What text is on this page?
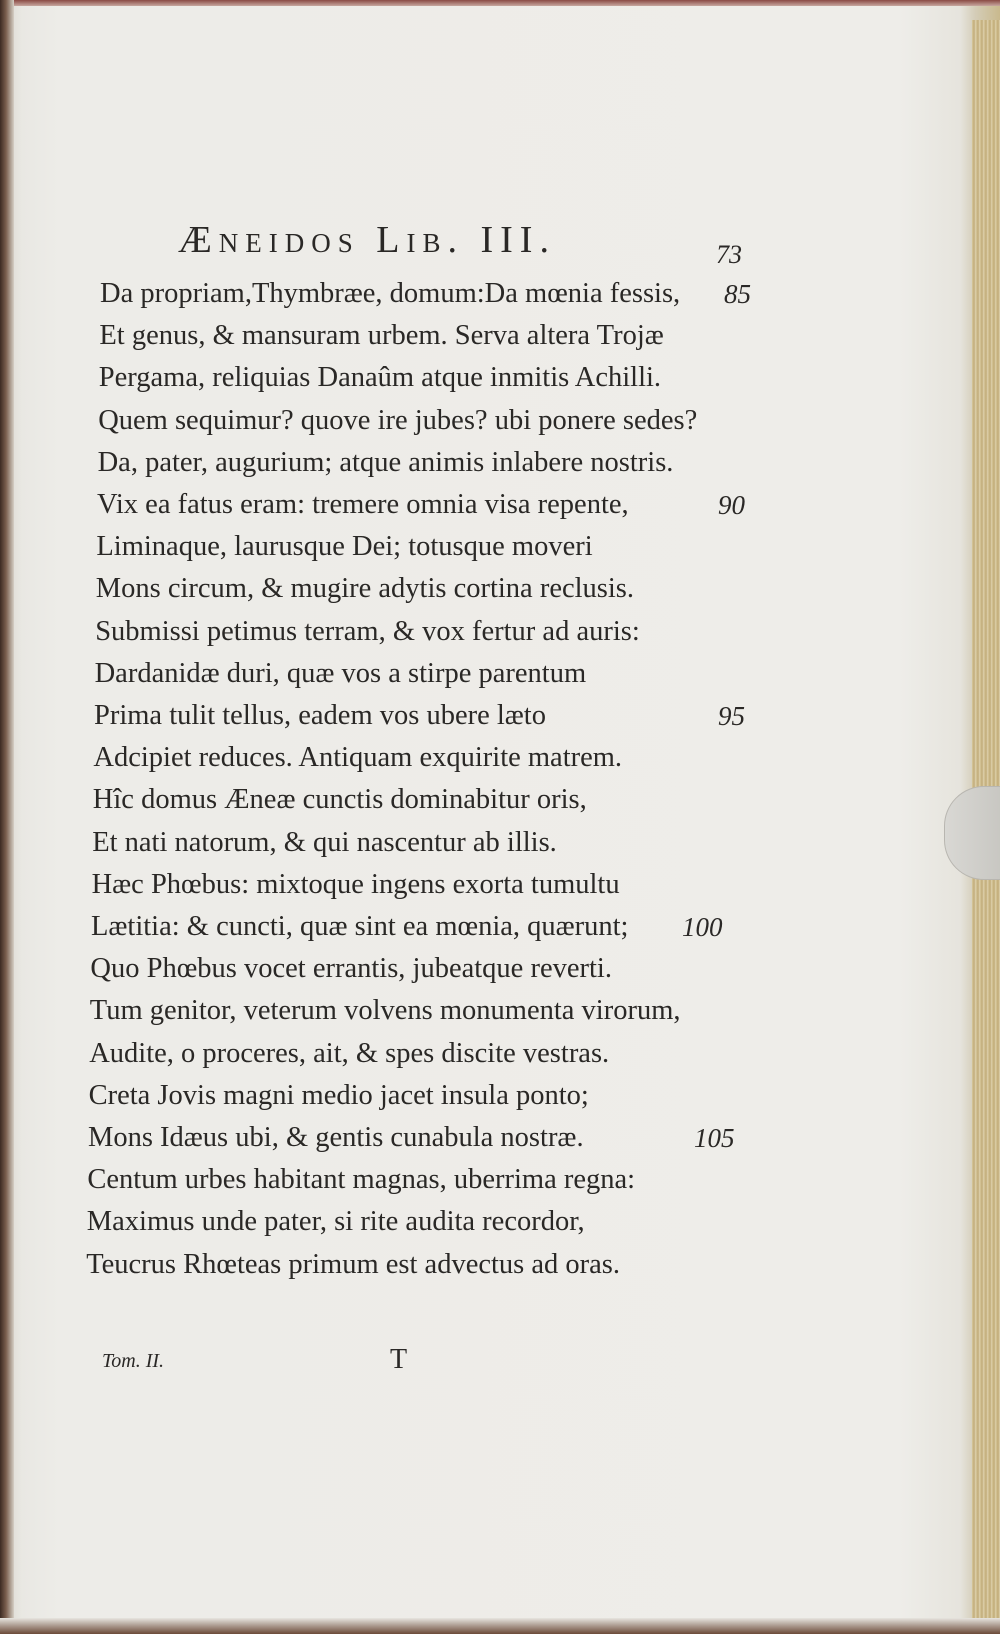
Æneidos Lib. III.	73
Da propriam,Thymbræe, domum:Da mœnia fessis, 85
Et genus, & mansuram urbem. Serva altera Trojæ
Pergama, reliquias Danaûm atque inmitis Achilli.
Quem sequimur? quove ire jubes? ubi ponere sedes?
Da, pater, augurium; atque animis inlabere nostris.
Vix ea fatus eram: tremere omnia visa repente,	90
Liminaque, laurusque Dei; totusque moveri
Mons circum, & mugire adytis cortina reclusis.
Submissi petimus terram, & vox fertur ad auris:
Dardanidæ duri, quæ vos a stirpe parentum
Prima tulit tellus, eadem vos ubere læto	95
Adcipiet reduces. Antiquam exquirite matrem.
Hîc domus Æneæ cunctis dominabitur oris,
Et nati natorum, & qui nascentur ab illis.
Hæc Phœbus: mixtoque ingens exorta tumultu
Lætitia: & cuncti, quæ sint ea mœnia, quærunt; 100
Quo Phœbus vocet errantis, jubeatque reverti.
Tum genitor, veterum volvens monumenta virorum,
Audite, o proceres, ait, & spes discite vestras.
Creta Jovis magni medio jacet insula ponto;
Mons Idæus ubi, & gentis cunabula nostræ.	105
Centum urbes habitant magnas, uberrima regna:
Maximus unde pater, si rite audita recordor,
Teucrus Rhœteas primum est advectus ad oras.
Tom. II.	T
